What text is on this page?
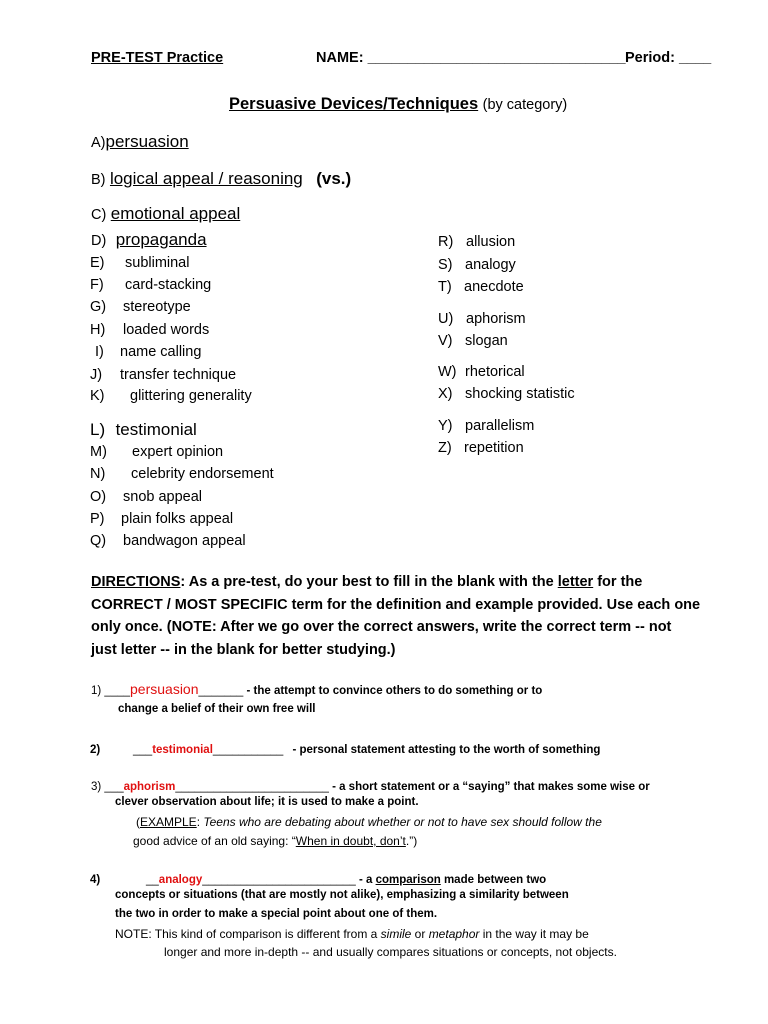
PRE-TEST Practice	NAME: ________________________________ Period: ____
Persuasive Devices/Techniques (by category)
A)persuasion
B) logical appeal / reasoning (vs.)
C) emotional appeal
D) propaganda
E) subliminal
F) card-stacking
G) stereotype
H) loaded words
I) name calling
J) transfer technique
K) glittering generality
L) testimonial
M) expert opinion
N) celebrity endorsement
O) snob appeal
P) plain folks appeal
Q) bandwagon appeal
R) allusion
S) analogy
T) anecdote
U) aphorism
V) slogan
W) rhetorical
X) shocking statistic
Y) parallelism
Z) repetition
DIRECTIONS: As a pre-test, do your best to fill in the blank with the letter for the
CORRECT / MOST SPECIFIC term for the definition and example provided. Use each one
only once. (NOTE: After we go over the correct answers, write the correct term -- not
just letter -- in the blank for better studying.)
1) ____persuasion_______ - the attempt to convince others to do something or to
change a belief of their own free will
2)	___testimonial___________ - personal statement attesting to the worth of something
3) ___aphorism________________________ - a short statement or a “saying” that makes some wise or
clever observation about life; it is used to make a point.
(EXAMPLE: Teens who are debating about whether or not to have sex should follow the
good advice of an old saying: “When in doubt, don’t.”)
4)	__analogy________________________ - a comparison made between two
concepts or situations (that are mostly not alike), emphasizing a similarity between
the two in order to make a special point about one of them.
NOTE: This kind of comparison is different from a simile or metaphor in the way it may be
longer and more in-depth -- and usually compares situations or concepts, not objects.
